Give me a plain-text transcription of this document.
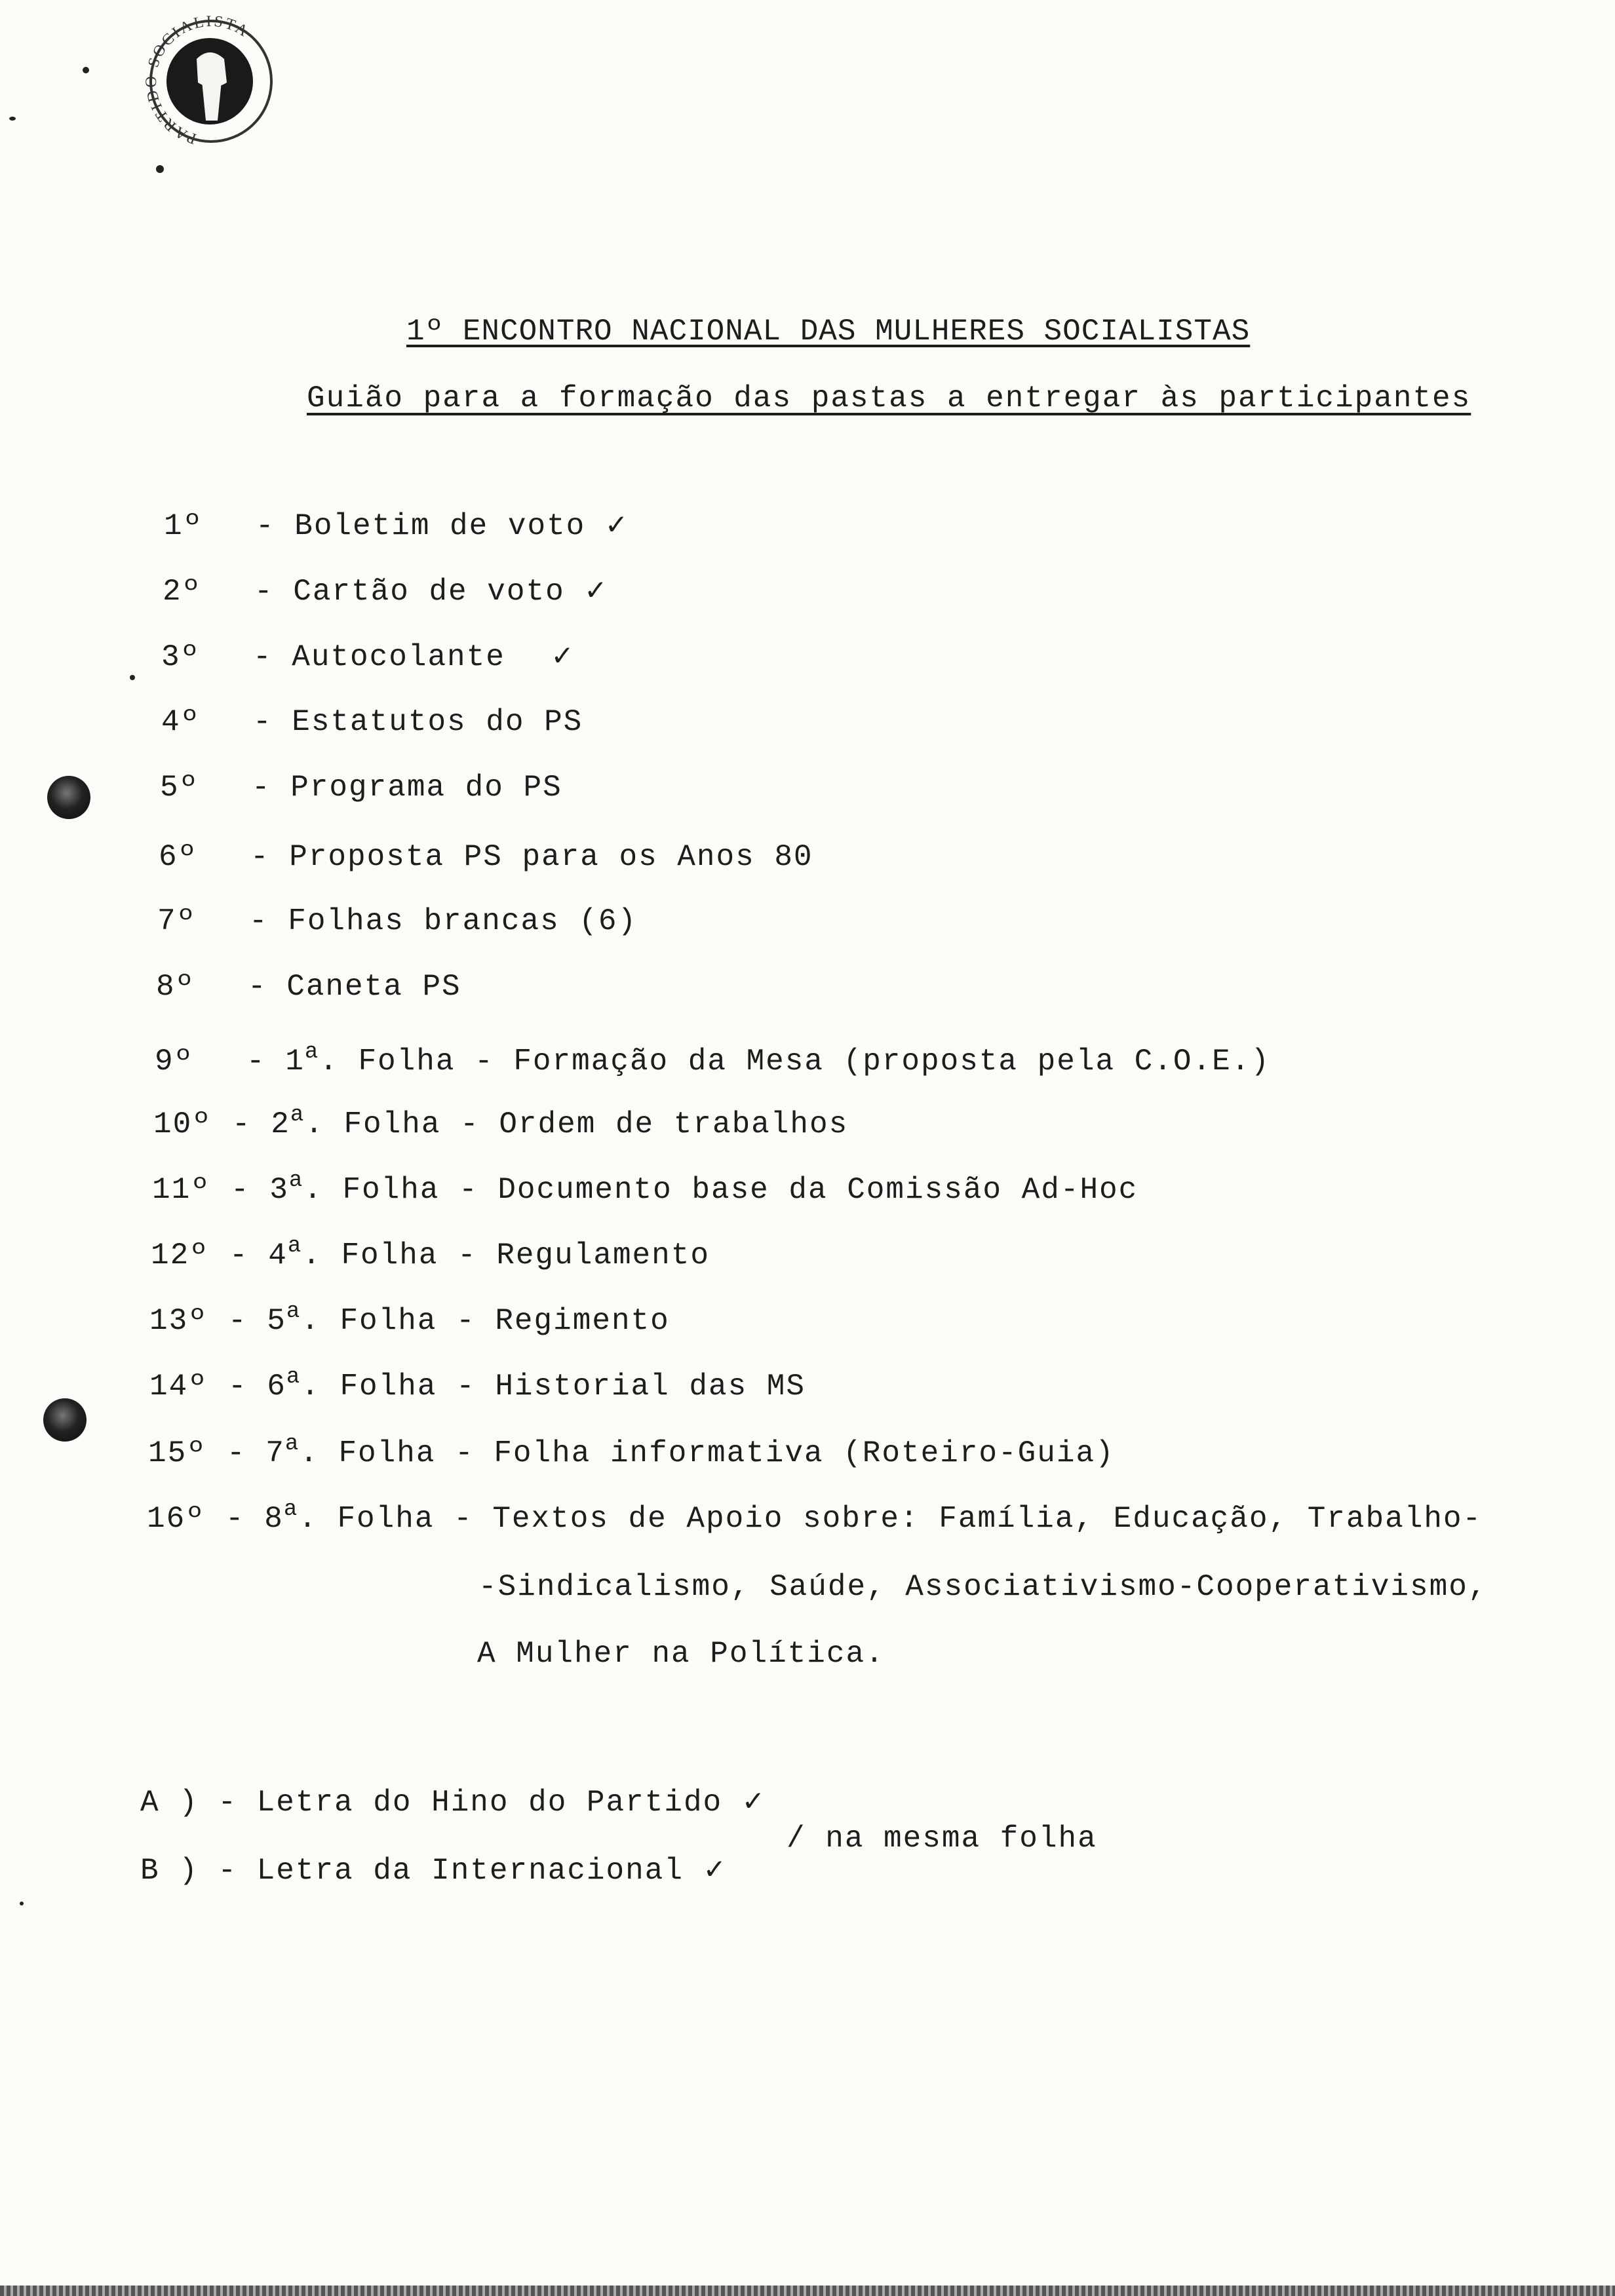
PARTIDO SOCIALISTA
1º ENCONTRO NACIONAL DAS MULHERES SOCIALISTAS
Guião para a formação das pastas a entregar às participantes
1º - Boletim de voto ✓
2º - Cartão de voto ✓
3º - Autocolante ✓
4º - Estatutos do PS
5º - Programa do PS
6º - Proposta PS para os Anos 80
7º - Folhas brancas (6)
8º - Caneta PS
9º - 1$^a$. Folha - Formação da Mesa (proposta pela C.O.E.)
10º - 2$^a$. Folha - Ordem de trabalhos
11º - 3$^a$. Folha - Documento base da Comissão Ad-Hoc
12º - 4$^a$. Folha - Regulamento
13º - 5$^a$. Folha - Regimento
14º - 6$^a$. Folha - Historial das MS
15º - 7$^a$. Folha - Folha informativa (Roteiro-Guia)
16º - 8$^a$. Folha - Textos de Apoio sobre: Família, Educação, Trabalho-
-Sindicalismo, Saúde, Associativismo-Cooperativismo,
A Mulher na Política.
A ) - Letra do Hino do Partido ✓
B ) - Letra da Internacional ✓
/ na mesma folha
